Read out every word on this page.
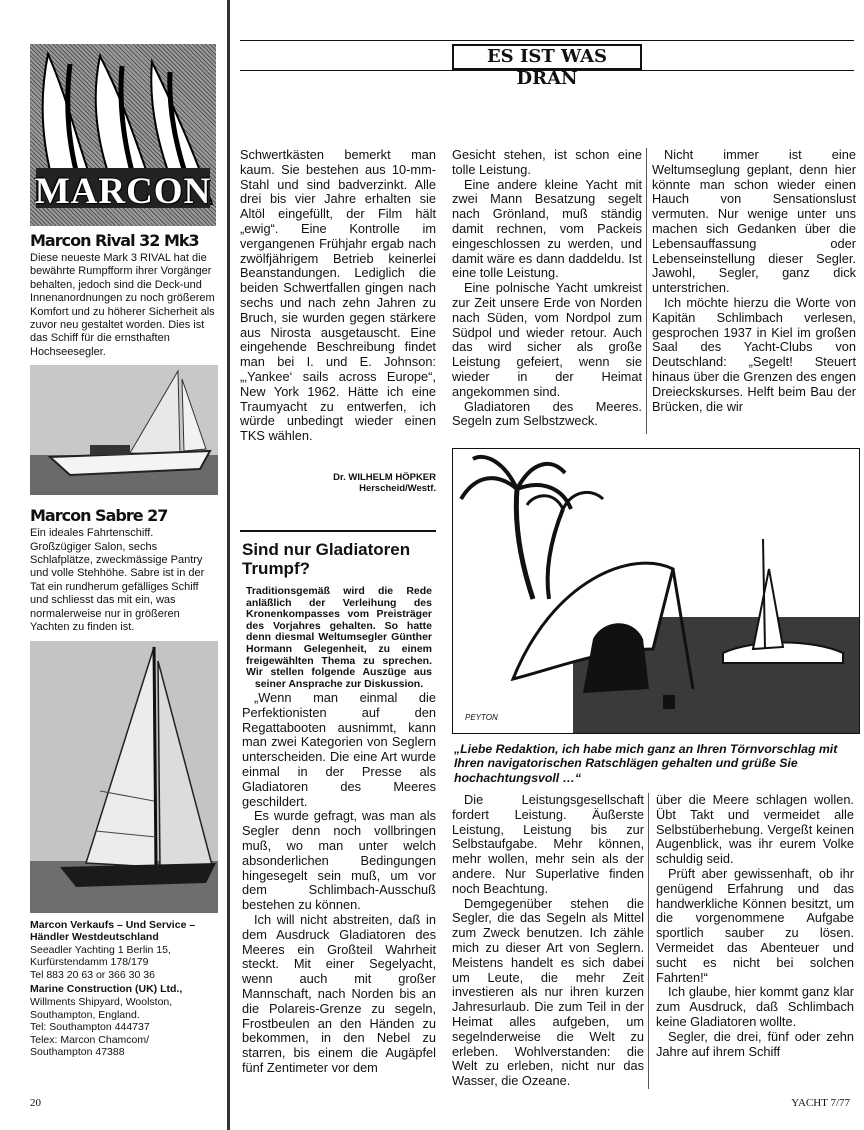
MARCON
Marcon Rival 32 Mk3
Diese neueste Mark 3 RIVAL hat die bewährte Rumpfform ihrer Vorgänger behalten, jedoch sind die Deck-und Innenanordnungen zu noch größerem Komfort und zu höherer Sicherheit als zuvor neu gestaltet worden. Dies ist das Schiff für die ernsthaften Hochseesegler.
Marcon Sabre 27
Ein ideales Fahrtenschiff. Großzügiger Salon, sechs Schlafplätze, zweckmässige Pantry und volle Stehhöhe. Sabre ist in der Tat ein rundherum gefälliges Schiff und schliesst das mit ein, was normalerweise nur in größeren Yachten zu finden ist.
Marcon Verkaufs – Und Service – Händler Westdeutschland
Seeadler Yachting 1 Berlin 15,
Kurfürstendamm 178/179
Tel 883 20 63 or 366 30 36
Marine Construction (UK) Ltd.,
Willments Shipyard, Woolston,
Southampton, England.
Tel: Southampton 444737
Telex: Marcon Chamcom/
Southampton 47388
ES IST WAS DRAN

Schwertkästen bemerkt man kaum. Sie bestehen aus 10-mm-Stahl und sind badverzinkt. Alle drei bis vier Jahre erhalten sie Altöl eingefüllt, der Film hält „ewig“. Eine Kontrolle im vergangenen Frühjahr ergab nach zwölfjährigem Betrieb keinerlei Beanstandungen. Lediglich die beiden Schwertfallen gingen nach sechs und nach zehn Jahren zu Bruch, sie wurden gegen stärkere aus Nirosta ausgetauscht. Eine eingehende Beschreibung findet man bei I. und E. Johnson: „‚Yankee‘ sails across Europe“, New York 1962. Hätte ich eine Traumyacht zu entwerfen, ich würde unbedingt wieder einen TKS wählen.

Dr. WILHELM HÖPKER
Herscheid/Westf.

Gesicht stehen, ist schon eine tolle Leistung.

Eine andere kleine Yacht mit zwei Mann Besatzung segelt nach Grönland, muß ständig damit rechnen, vom Packeis eingeschlossen zu werden, und damit wäre es dann daddeldu. Ist eine tolle Leistung.

Eine polnische Yacht umkreist zur Zeit unsere Erde von Norden nach Süden, vom Nordpol zum Südpol und wieder retour. Auch das wird sicher als große Leistung gefeiert, wenn sie wieder in der Heimat angekommen sind.

Gladiatoren des Meeres. Segeln zum Selbstzweck.

Nicht immer ist eine Weltumseglung geplant, denn hier könnte man schon wieder einen Hauch von Sensationslust vermuten. Nur wenige unter uns machen sich Gedanken über die Lebensauffassung oder Lebenseinstellung dieser Segler. Jawohl, Segler, ganz dick unterstrichen.

Ich möchte hierzu die Worte von Kapitän Schlimbach verlesen, gesprochen 1937 in Kiel im großen Saal des Yacht-Clubs von Deutschland: „Segelt! Steuert hinaus über die Grenzen des engen Dreieckskurses. Helft beim Bau der Brücken, die wir

Sind nur Gladiatoren Trumpf?
Traditionsgemäß wird die Rede anläßlich der Verleihung des Kronenkompasses vom Preisträger des Vorjahres gehalten. So hatte denn diesmal Weltumsegler Günther Hormann Gelegenheit, zu einem freigewählten Thema zu sprechen. Wir stellen folgende Auszüge aus seiner Ansprache zur Diskussion.

„Wenn man einmal die Perfektionisten auf den Regattabooten ausnimmt, kann man zwei Kategorien von Seglern unterscheiden. Die eine Art wurde einmal in der Presse als Gladiatoren des Meeres geschildert.

Es wurde gefragt, was man als Segler denn noch vollbringen muß, wo man unter welch absonderlichen Bedingungen hingesegelt sein muß, um vor dem Schlimbach-Ausschuß bestehen zu können.

Ich will nicht abstreiten, daß in dem Ausdruck Gladiatoren des Meeres ein Großteil Wahrheit steckt. Mit einer Segelyacht, wenn auch mit großer Mannschaft, nach Norden bis an die Polareis-Grenze zu segeln, Frostbeulen an den Händen zu bekommen, in den Nebel zu starren, bis einem die Augäpfel fünf Zentimeter vor dem

PEYTON
„Liebe Redaktion, ich habe mich ganz an Ihren Törnvorschlag mit Ihren navigatorischen Ratschlägen gehalten und grüße Sie hochachtungsvoll …“

Die Leistungsgesellschaft fordert Leistung. Äußerste Leistung, Leistung bis zur Selbstaufgabe. Mehr können, mehr wollen, mehr sein als der andere. Nur Superlative finden noch Beachtung.

Demgegenüber stehen die Segler, die das Segeln als Mittel zum Zweck benutzen. Ich zähle mich zu dieser Art von Seglern. Meistens handelt es sich dabei um Leute, die mehr Zeit investieren als nur ihren kurzen Jahresurlaub. Die zum Teil in der Heimat alles aufgeben, um segelnderweise die Welt zu erleben. Wohlverstanden: die Welt zu erleben, nicht nur das Wasser, die Ozeane.

über die Meere schlagen wollen. Übt Takt und vermeidet alle Selbstüberhebung. Vergeßt keinen Augenblick, was ihr eurem Volke schuldig seid.

Prüft aber gewissenhaft, ob ihr genügend Erfahrung und das handwerkliche Können besitzt, um die vorgenommene Aufgabe sportlich sauber zu lösen. Vermeidet das Abenteuer und sucht es nicht bei solchen Fahrten!“

Ich glaube, hier kommt ganz klar zum Ausdruck, daß Schlimbach keine Gladiatoren wollte.

Segler, die drei, fünf oder zehn Jahre auf ihrem Schiff

20	YACHT 7/77
